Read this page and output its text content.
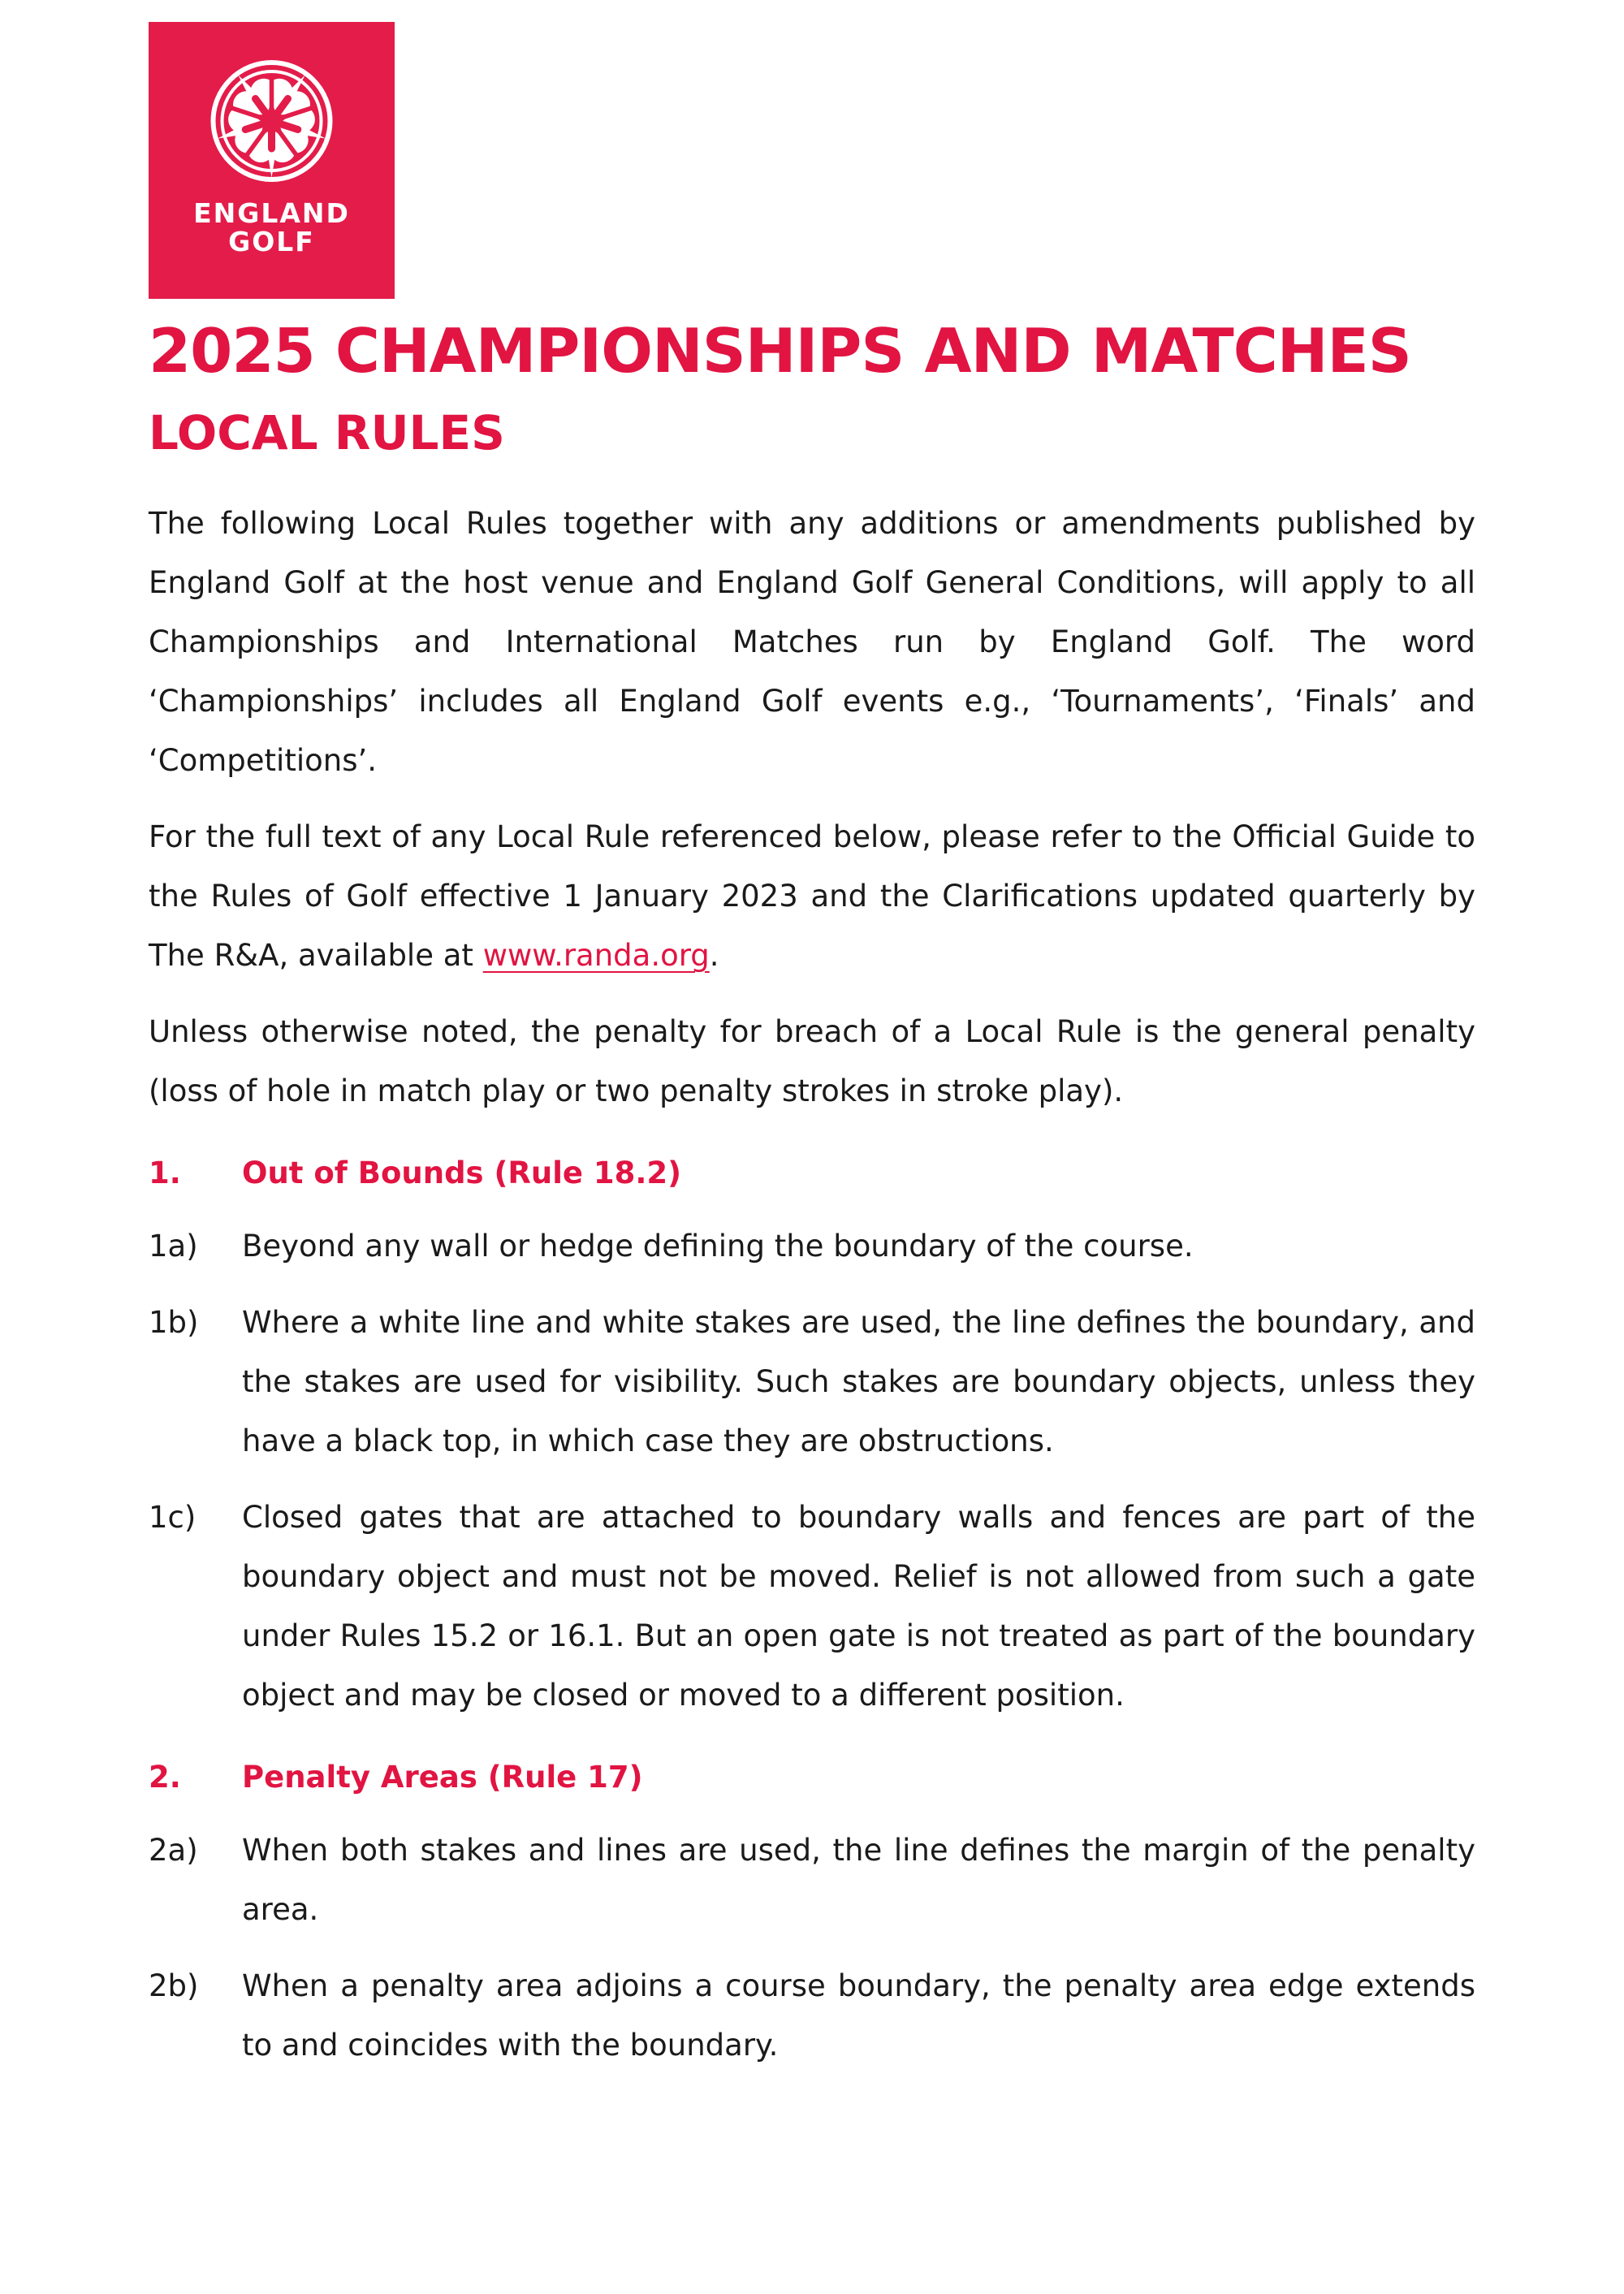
ENGLAND
GOLF
2025 CHAMPIONSHIPS AND MATCHES
LOCAL RULES

The following Local Rules together with any additions or amendments published by England Golf at the host venue and England Golf General Conditions, will apply to all Championships and International Matches run by England Golf. The word ‘Championships’ includes all England Golf events e.g., ‘Tournaments’, ‘Finals’ and ‘Competitions’.

For the full text of any Local Rule referenced below, please refer to the Official Guide to the Rules of Golf effective 1 January 2023 and the Clarifications updated quarterly by The R&A, available at www.randa.org.

Unless otherwise noted, the penalty for breach of a Local Rule is the general penalty (loss of hole in match play or two penalty strokes in stroke play).

1.	Out of Bounds (Rule 18.2)
1a)	Beyond any wall or hedge defining the boundary of the course.
1b)	Where a white line and white stakes are used, the line defines the boundary, and the stakes are used for visibility. Such stakes are boundary objects, unless they have a black top, in which case they are obstructions.
1c)	Closed gates that are attached to boundary walls and fences are part of the boundary object and must not be moved. Relief is not allowed from such a gate under Rules 15.2 or 16.1. But an open gate is not treated as part of the boundary object and may be closed or moved to a different position.
2.	Penalty Areas (Rule 17)
2a)	When both stakes and lines are used, the line defines the margin of the penalty area.
2b)	When a penalty area adjoins a course boundary, the penalty area edge extends to and coincides with the boundary.
